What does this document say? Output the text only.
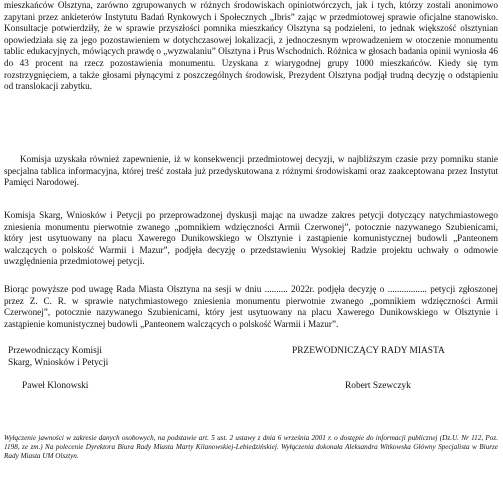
mieszkańców Olsztyna, zarówno zgrupowanych w różnych środowiskach opiniotwórczych, jak i tych, którzy zostali anonimowo zapytani przez ankieterów Instytutu Badań Rynkowych i Społecznych „Ibris” zając w przedmiotowej sprawie oficjalne stanowisko. Konsultacje potwierdziły, że w sprawie przyszłości pomnika mieszkańcy Olsztyna są podzieleni, to jednak większość olsztynian opowiedziała się za jego pozostawieniem w dotychczasowej lokalizacji, z jednoczesnym wprowadzeniem w otoczenie monumentu tablic edukacyjnych, mówiących prawdę o „wyzwalaniu” Olsztyna i Prus Wschodnich. Różnica w głosach badania opinii wyniosła 46 do 43 procent na rzecz pozostawienia monumentu. Uzyskana z wiarygodnej grupy 1000 mieszkańców. Kiedy się tym rozstrzygnięciem, a także głosami płynącymi z poszczególnych środowisk, Prezydent Olsztyna podjął trudną decyzję o odstąpieniu od translokacji zabytku.

Komisja uzyskała również zapewnienie, iż w konsekwencji przedmiotowej decyzji, w najbliższym czasie przy pomniku stanie specjalna tablica informacyjna, której treść została już przedyskutowana z różnymi środowiskami oraz zaakceptowana przez Instytut Pamięci Narodowej.

Komisja Skarg, Wniosków i Petycji po przeprowadzonej dyskusji mając na uwadze zakres petycji dotyczący natychmiastowego zniesienia monumentu pierwotnie zwanego „pomnikiem wdzięczności Armii Czerwonej”, potocznie nazywanego Szubienicami, który jest usytuowany na placu Xawerego Dunikowskiego w Olsztynie i zastąpienie komunistycznej budowli „Panteonem walczących o polskość Warmii i Mazur”, podjęła decyzję o przedstawieniu Wysokiej Radzie projektu uchwały o odmowie uwzględnienia przedmiotowej petycji.

Biorąc powyższe pod uwagę Rada Miasta Olsztyna na sesji w dniu .......... 2022r. podjęła decyzję o ................. petycji zgłoszonej przez Z. C. R. w sprawie natychmiastowego zniesienia monumentu pierwotnie zwanego „pomnikiem wdzięczności Armii Czerwonej”, potocznie nazywanego Szubienicami, który jest usytuowany na placu Xawerego Dunikowskiego w Olsztynie i zastąpienie komunistycznej budowli „Panteonem walczących o polskość Warmii i Mazur”.

Przewodniczący Komisji
Skarg, Wniosków i Petycji

PRZEWODNICZĄCY RADY MIASTA

Paweł Klonowski	Robert Szewczyk

Wyłączenie jawności w zakresie danych osobowych, na podstawie art. 5 ust. 2 ustawy z dnia 6 września 2001 r. o dostępie do informacji publicznej (Dz.U. Nr 112, Poz. 1198, ze zm.) Na polecenie Dyrektora Biura Rady Miasta Marty Kilanowskiej-Lebiedzińskiej. Wyłączenia dokonała Aleksandra Witkowska Główny Specjalista w Biurze Rady Miasta UM Olsztyn.
